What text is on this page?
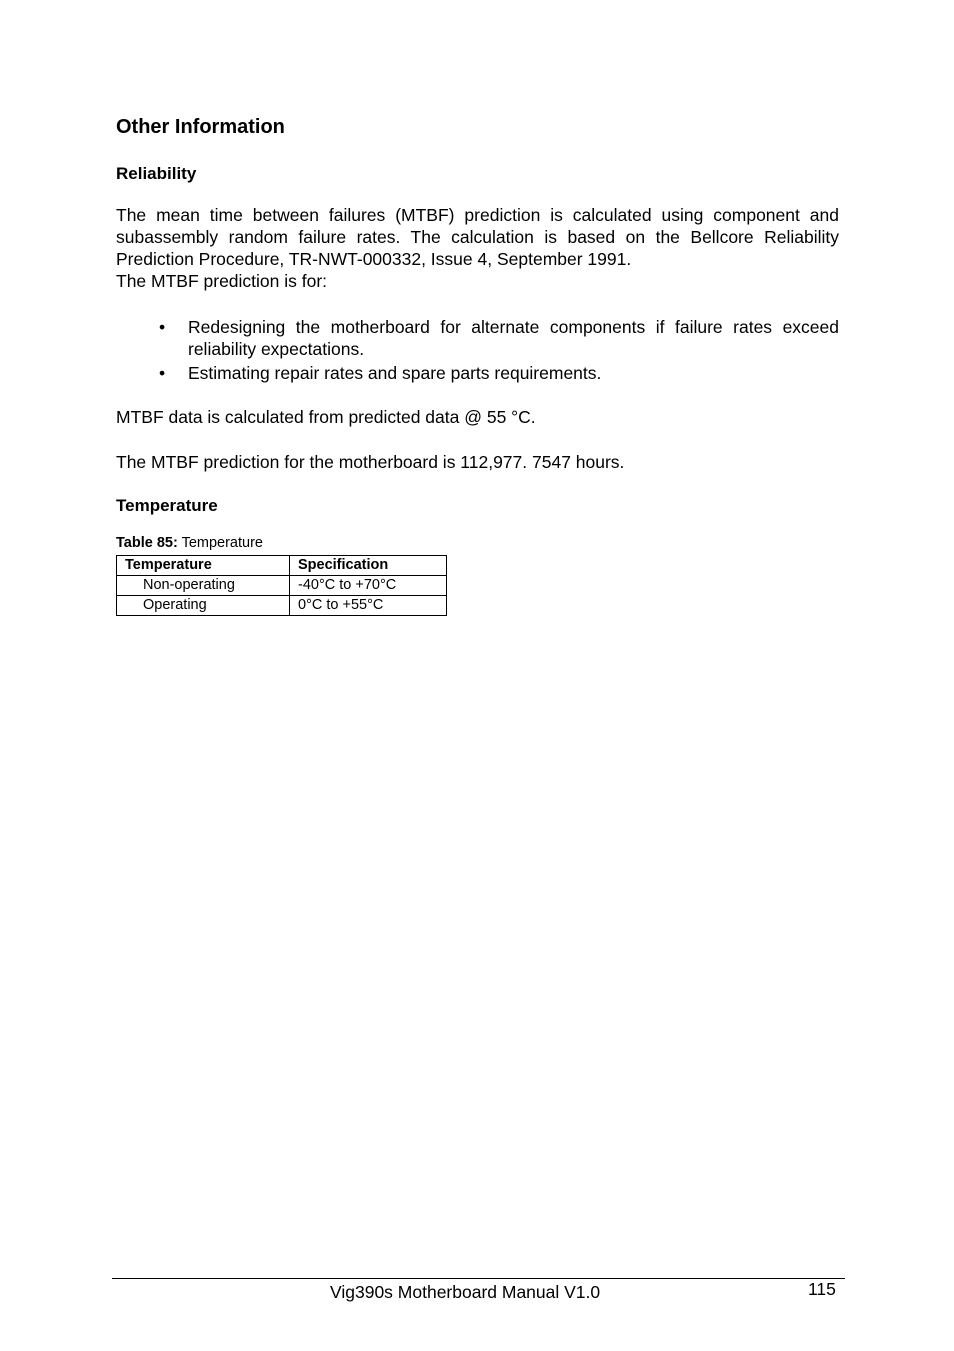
Other Information
Reliability

The mean time between failures (MTBF) prediction is calculated using component and subassembly random failure rates. The calculation is based on the Bellcore Reliability Prediction Procedure, TR-NWT-000332, Issue 4, September 1991.

The MTBF prediction is for:

• Redesigning the motherboard for alternate components if failure rates exceed reliability expectations.
• Estimating repair rates and spare parts requirements.

MTBF data is calculated from predicted data @ 55 °C.

The MTBF prediction for the motherboard is 112,977. 7547 hours.

Temperature

Table 85: Temperature

Temperature	Specification
Non-operating	-40°C to +70°C
Operating	0°C to +55°C

Vig390s Motherboard Manual V1.0	115
